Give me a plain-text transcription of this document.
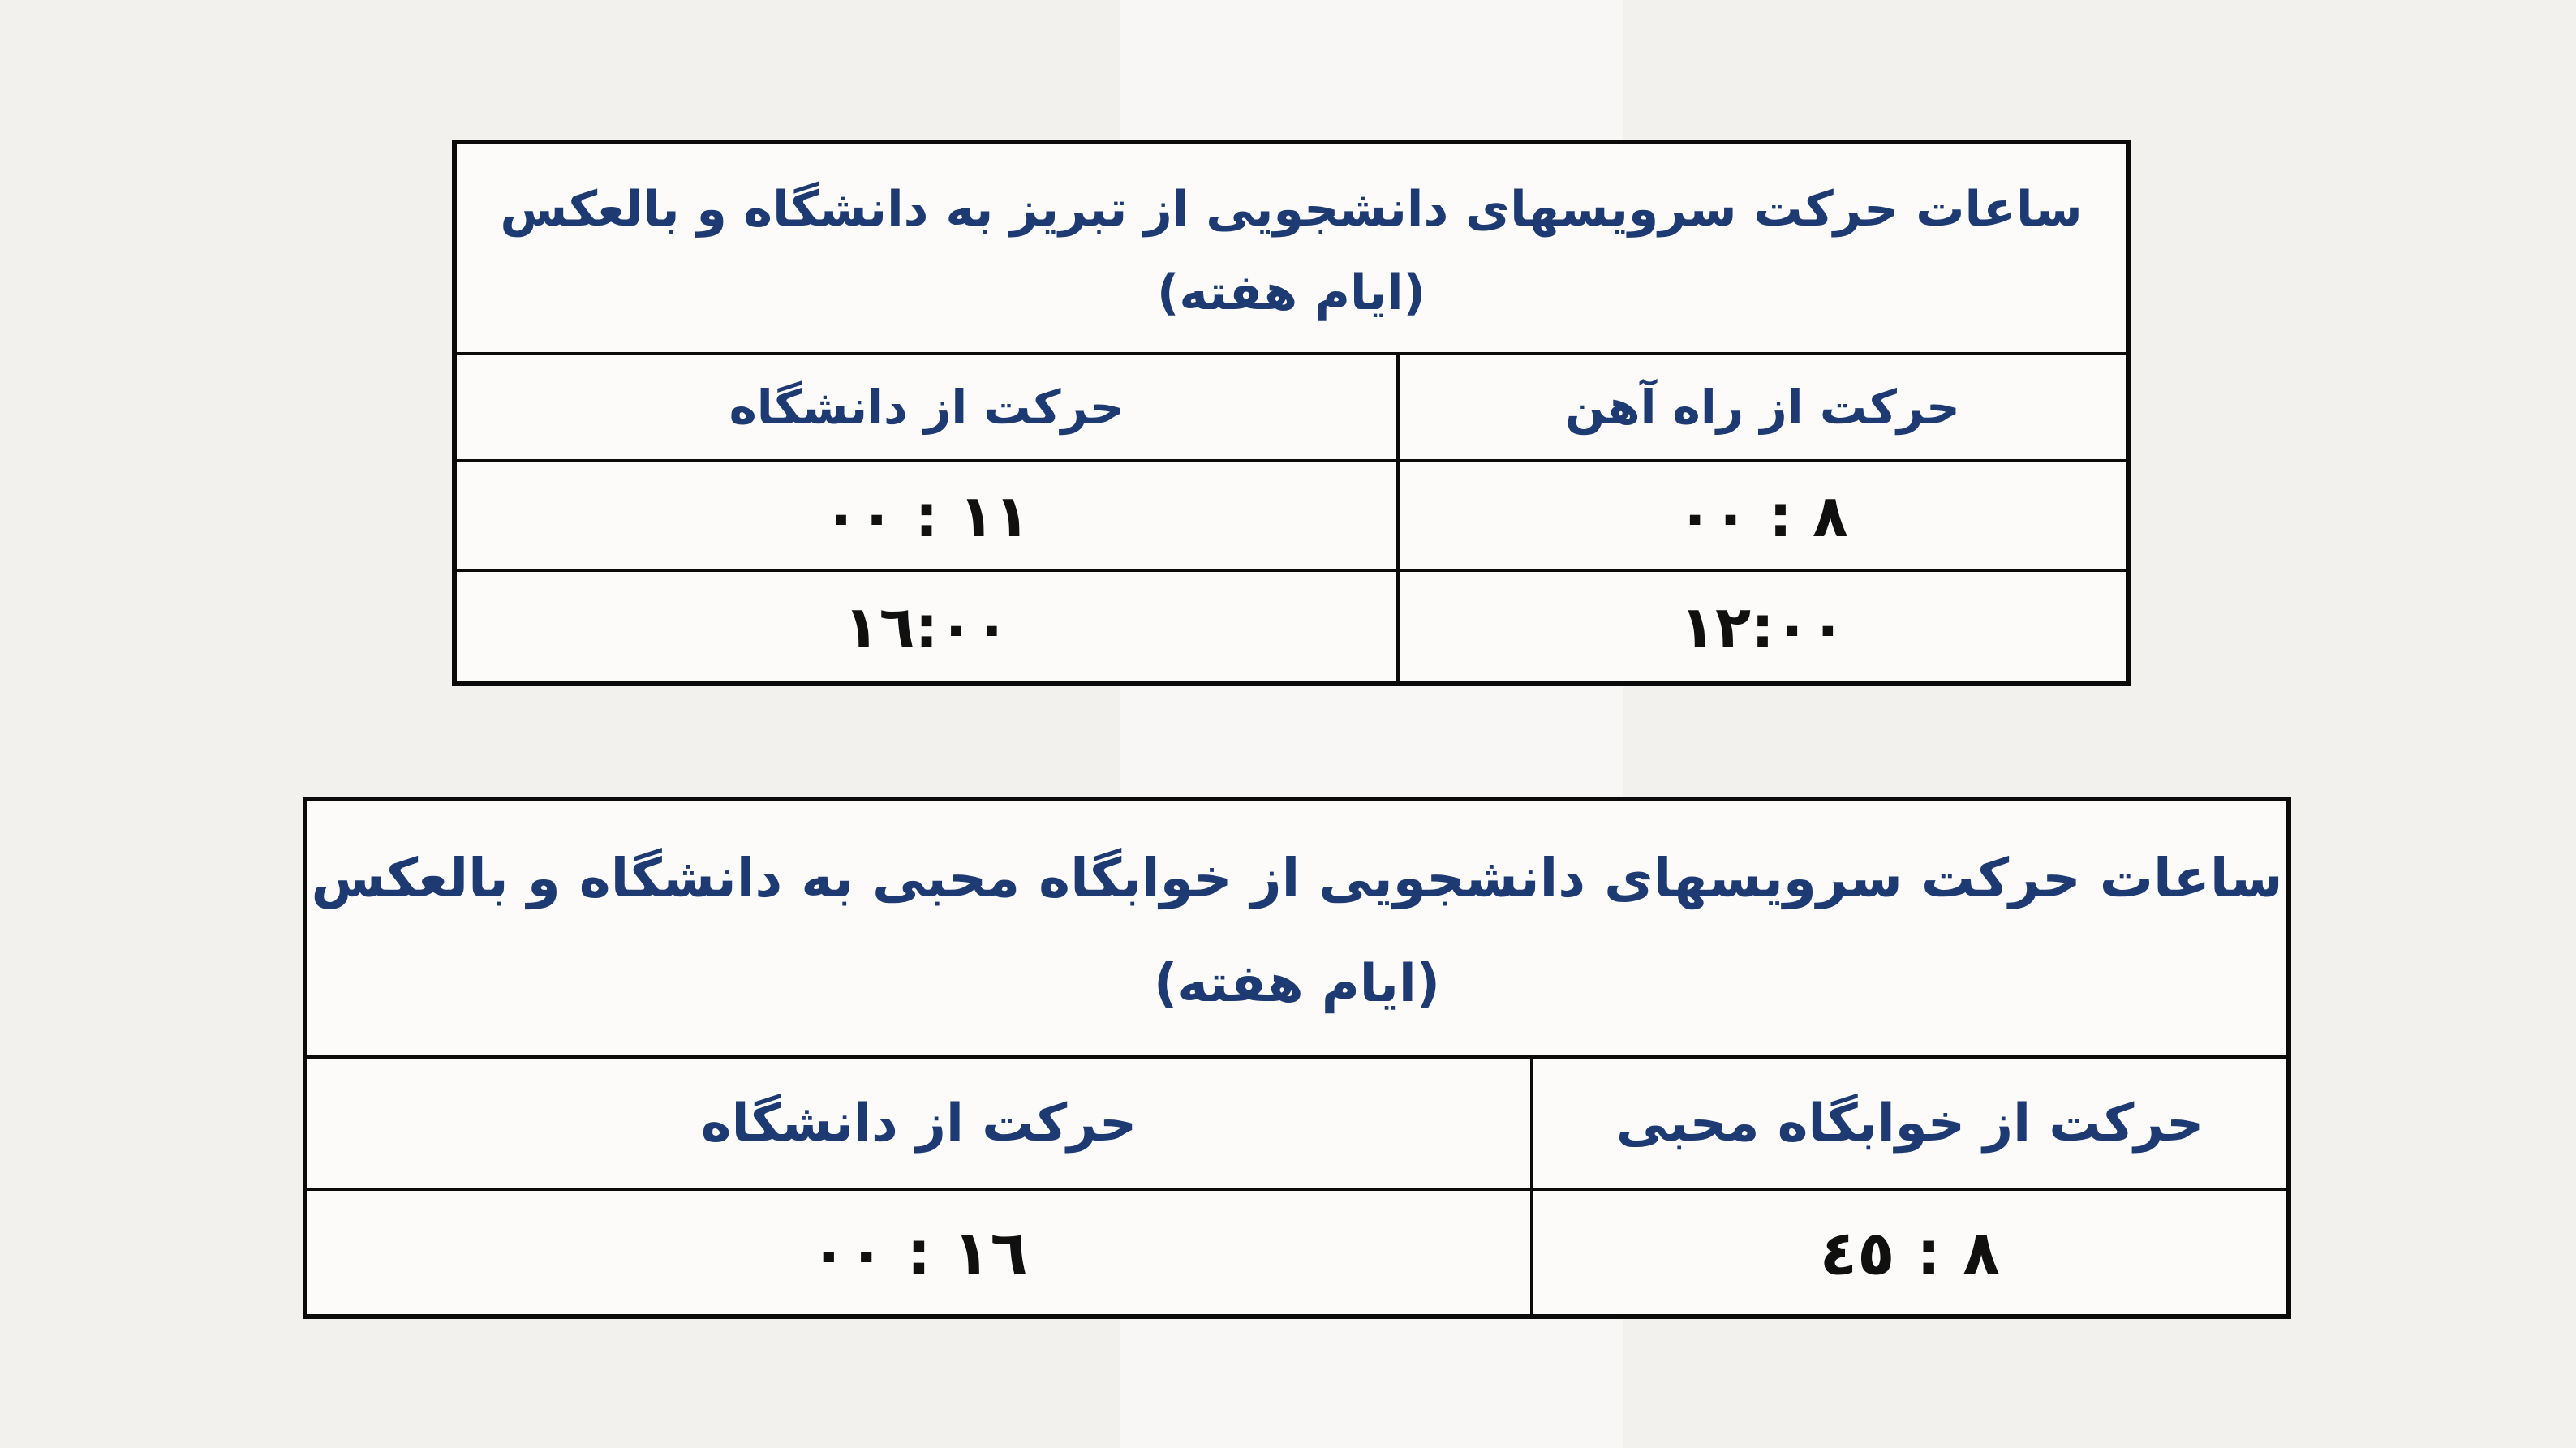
ساعات حرکت سرویسهای دانشجویی از تبریز به دانشگاه و بالعکس
(ایام هفته)	

حرکت از راه آهن	حرکت از دانشگاه
٨ : ٠٠	١١ : ٠٠
١٢:٠٠	١٦:٠٠
ساعات حرکت سرویسهای دانشجویی از خوابگاه محبی به دانشگاه و بالعکس
(ایام هفته)	

حرکت از خوابگاه محبی	حرکت از دانشگاه
٨ : ٤٥	١٦ : ٠٠
